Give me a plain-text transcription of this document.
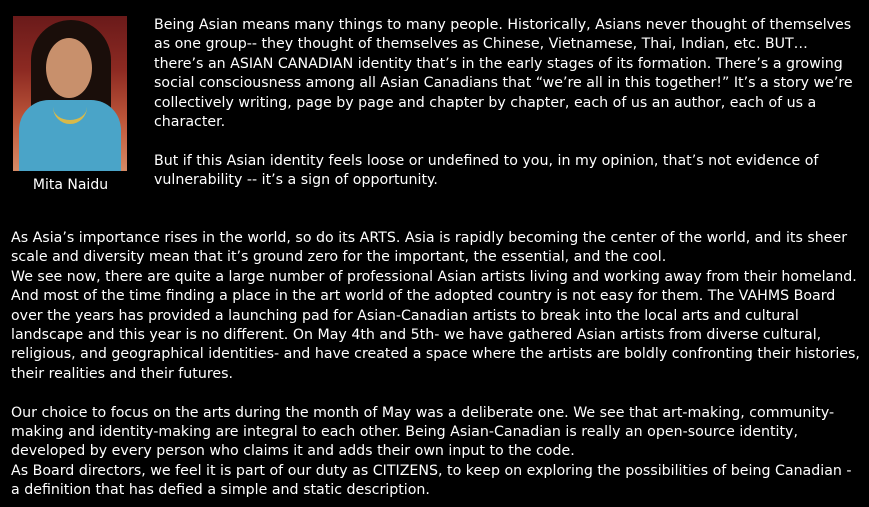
Mita Naidu

Being Asian means many things to many people. Historically, Asians never thought of themselves as one group-- they thought of themselves as Chinese, Vietnamese, Thai, Indian, etc. BUT… there’s an ASIAN CANADIAN identity that’s in the early stages of its formation. There’s a growing social consciousness among all Asian Canadians that “we’re all in this together!” It’s a story we’re collectively writing, page by page and chapter by chapter, each of us an author, each of us a character.

But if this Asian identity feels loose or undefined to you, in my opinion, that’s not evidence of vulnerability -- it’s a sign of opportunity.

As Asia’s importance rises in the world, so do its ARTS. Asia is rapidly becoming the center of the world, and its sheer scale and diversity mean that it’s ground zero for the important, the essential, and the cool.

We see now, there are quite a large number of professional Asian artists living and working away from their homeland. And most of the time finding a place in the art world of the adopted country is not easy for them. The VAHMS Board over the years has provided a launching pad for Asian-Canadian artists to break into the local arts and cultural landscape and this year is no different. On May 4th and 5th- we have gathered Asian artists from diverse cultural, religious, and geographical identities- and have created a space where the artists are boldly confronting their histories, their realities and their futures.

Our choice to focus on the arts during the month of May was a deliberate one. We see that art-making, community-making and identity-making are integral to each other. Being Asian-Canadian is really an open-source identity, developed by every person who claims it and adds their own input to the code.

As Board directors, we feel it is part of our duty as CITIZENS, to keep on exploring the possibilities of being Canadian - a definition that has defied a simple and static description.
